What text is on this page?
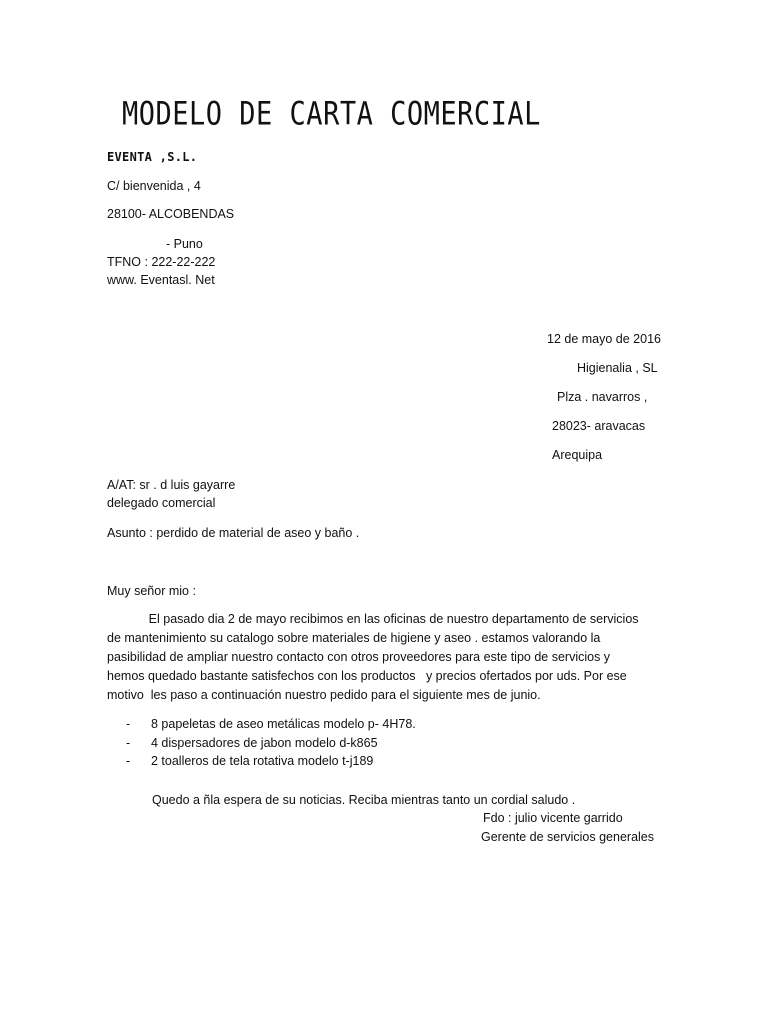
MODELO DE CARTA COMERCIAL
EVENTA ,S.L.
C/ bienvenida , 4
28100- ALCOBENDAS
- Puno
TFNO : 222-22-222
www. Eventasl. Net
12 de mayo de 2016
Higienalia , SL
Plza . navarros ,
28023- aravacas
Arequipa
A/AT: sr . d luis gayarre
delegado comercial
Asunto : perdido de material de aseo y baño .
Muy señor mio :

El pasado dia 2 de mayo recibimos en las oficinas de nuestro departamento de servicios

de mantenimiento su catalogo sobre materiales de higiene y aseo . estamos valorando la

pasibilidad de ampliar nuestro contacto con otros proveedores para este tipo de servicios y

hemos quedado bastante satisfechos con los productos   y precios ofertados por uds. Por ese

motivo  les paso a continuación nuestro pedido para el siguiente mes de junio.

- 8 papeletas de aseo metálicas modelo p- 4H78.
- 4 dispersadores de jabon modelo d-k865
- 2 toalleros de tela rotativa modelo t-j189
Quedo a ñla espera de su noticias. Reciba mientras tanto un cordial saludo .
Fdo : julio vicente garrido
Gerente de servicios generales
